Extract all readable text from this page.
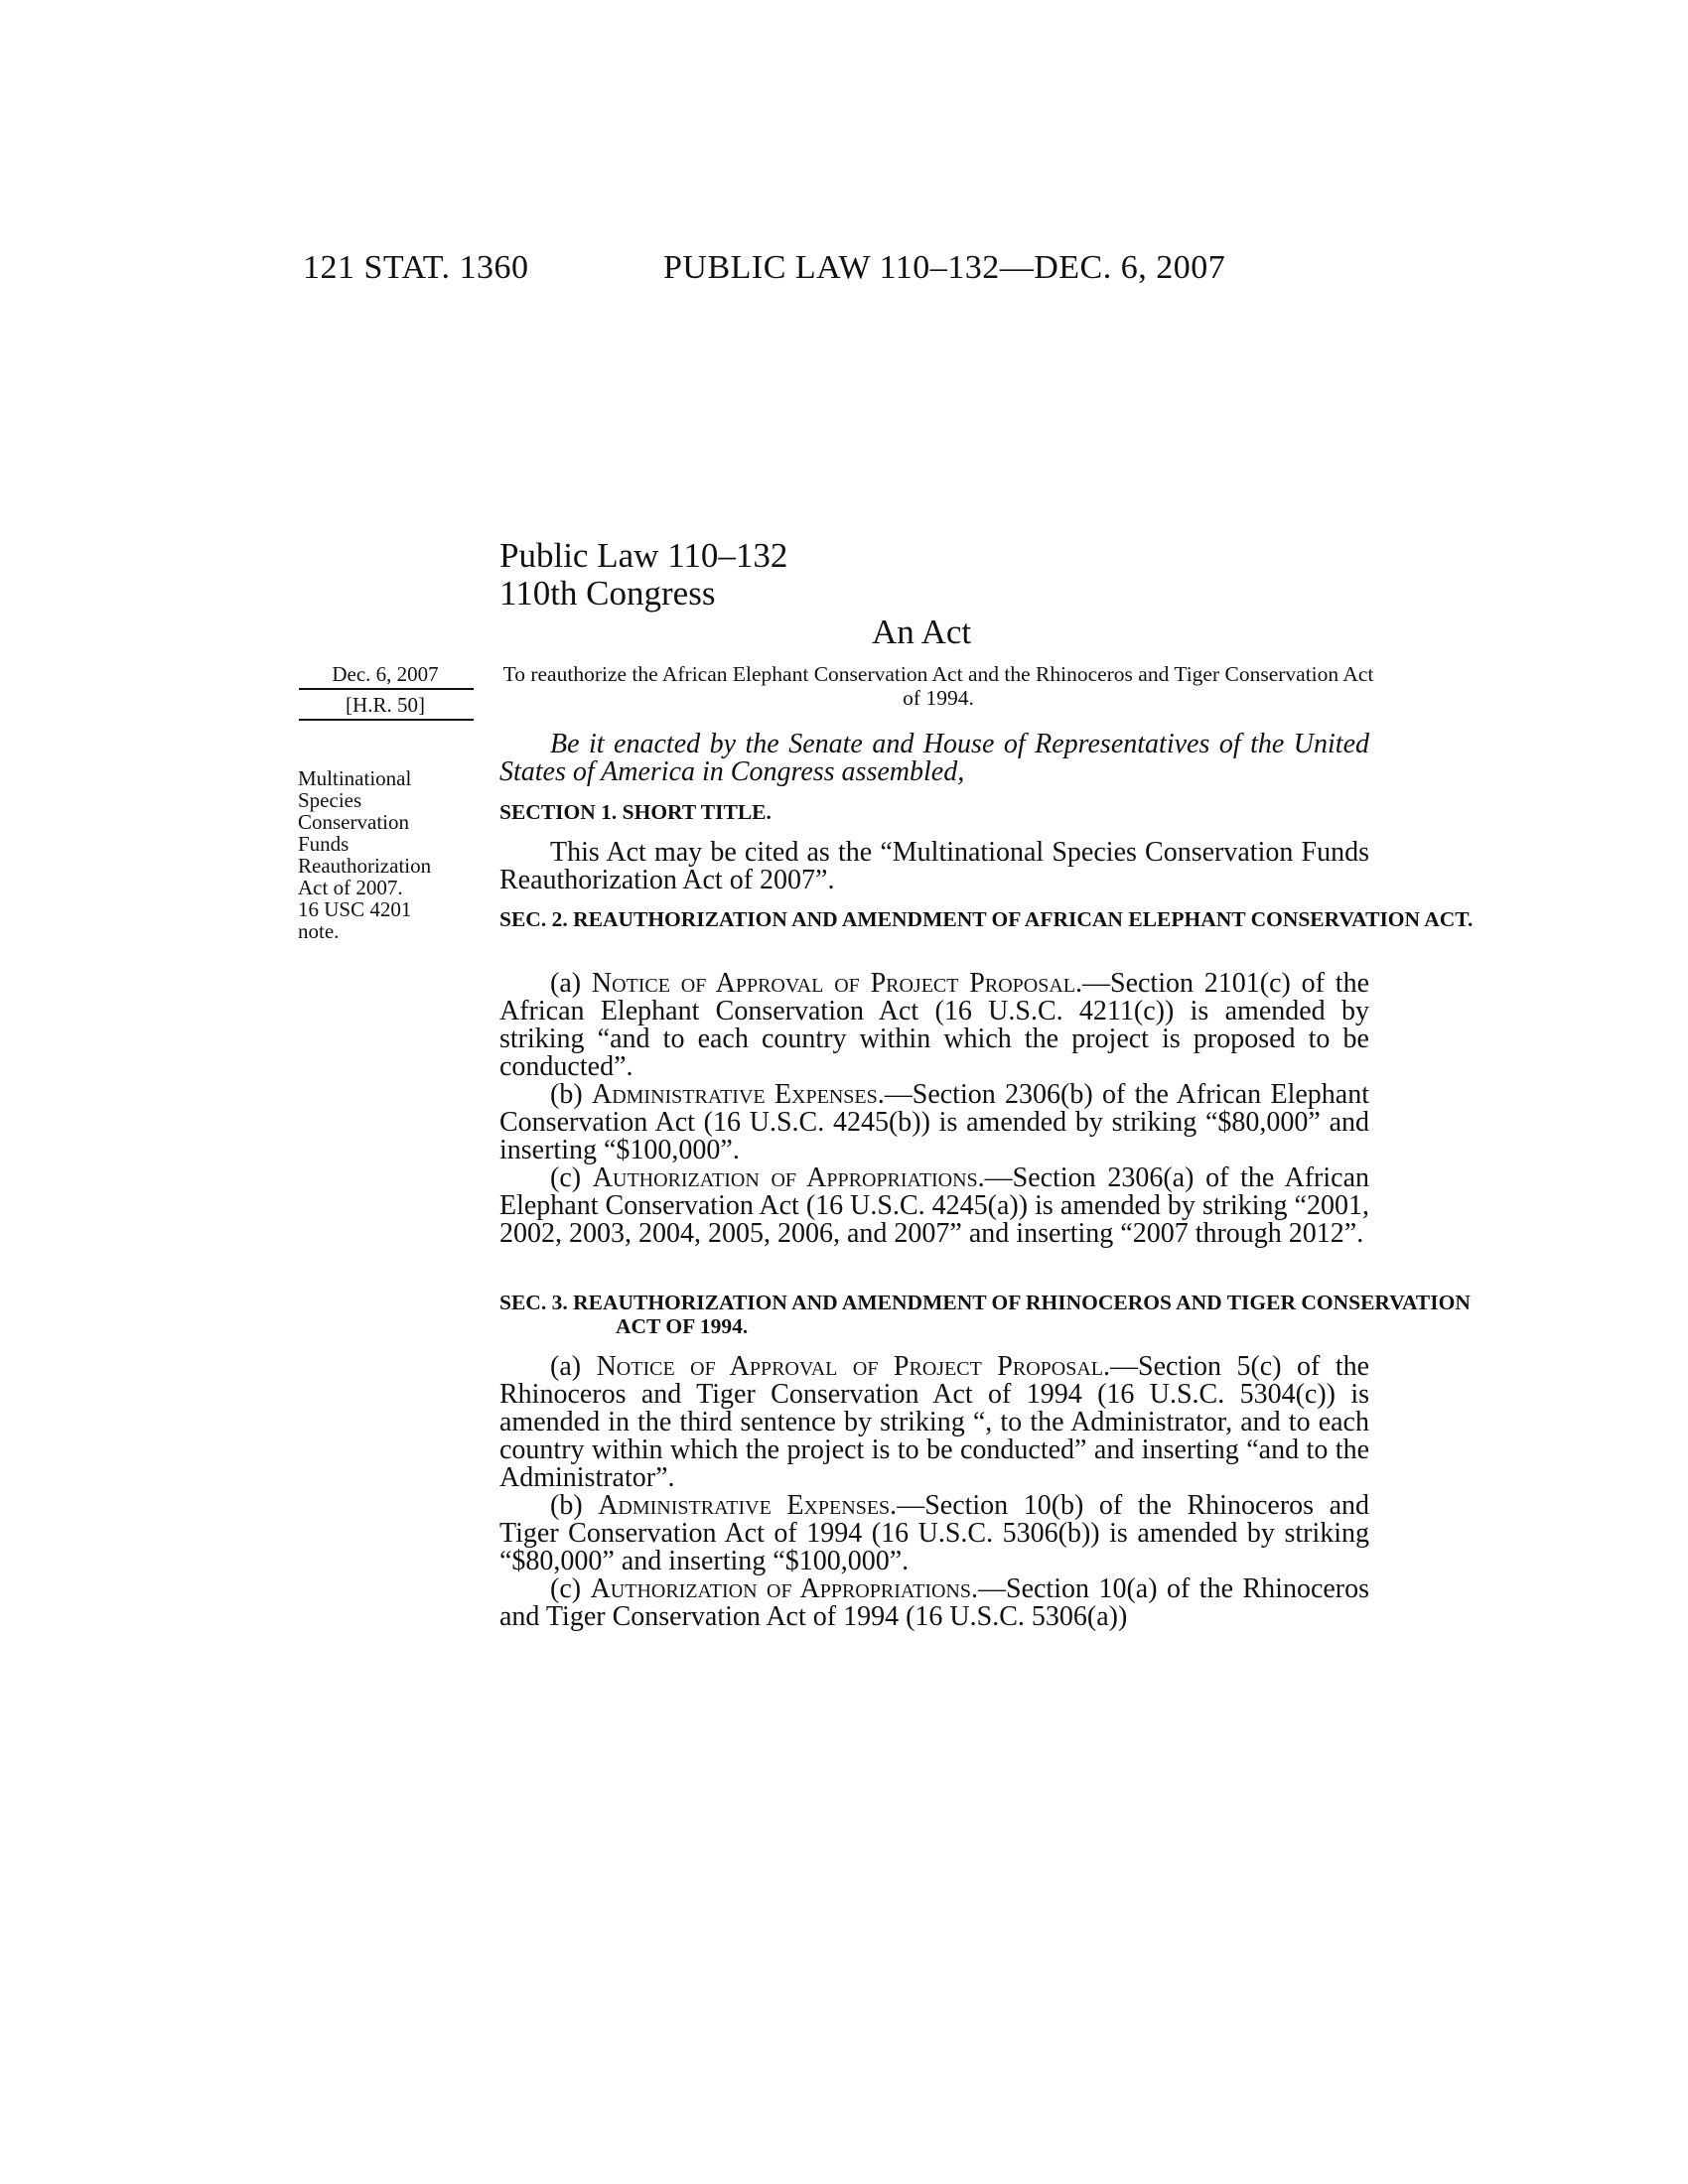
121 STAT. 1360	PUBLIC LAW 110–132—DEC. 6, 2007
Public Law 110–132
110th Congress
An Act
Dec. 6, 2007
[H.R. 50]
Multinational
Species
Conservation
Funds
Reauthorization
Act of 2007.
16 USC 4201
note.
To reauthorize the African Elephant Conservation Act and the Rhinoceros and Tiger Conservation Act of 1994.

Be it enacted by the Senate and House of Representatives of the United States of America in Congress assembled,

SECTION 1. SHORT TITLE.

This Act may be cited as the “Multinational Species Conservation Funds Reauthorization Act of 2007”.

SEC. 2. REAUTHORIZATION AND AMENDMENT OF AFRICAN ELEPHANT CONSERVATION ACT.

(a) Notice of Approval of Project Proposal.—Section 2101(c) of the African Elephant Conservation Act (16 U.S.C. 4211(c)) is amended by striking “and to each country within which the project is proposed to be conducted”.

(b) Administrative Expenses.—Section 2306(b) of the African Elephant Conservation Act (16 U.S.C. 4245(b)) is amended by striking “$80,000” and inserting “$100,000”.

(c) Authorization of Appropriations.—Section 2306(a) of the African Elephant Conservation Act (16 U.S.C. 4245(a)) is amended by striking “2001, 2002, 2003, 2004, 2005, 2006, and 2007” and inserting “2007 through 2012”.

SEC. 3. REAUTHORIZATION AND AMENDMENT OF RHINOCEROS AND TIGER CONSERVATION ACT OF 1994.

(a) Notice of Approval of Project Proposal.—Section 5(c) of the Rhinoceros and Tiger Conservation Act of 1994 (16 U.S.C. 5304(c)) is amended in the third sentence by striking “, to the Administrator, and to each country within which the project is to be conducted” and inserting “and to the Administrator”.

(b) Administrative Expenses.—Section 10(b) of the Rhinoceros and Tiger Conservation Act of 1994 (16 U.S.C. 5306(b)) is amended by striking “$80,000” and inserting “$100,000”.

(c) Authorization of Appropriations.—Section 10(a) of the Rhinoceros and Tiger Conservation Act of 1994 (16 U.S.C. 5306(a))
